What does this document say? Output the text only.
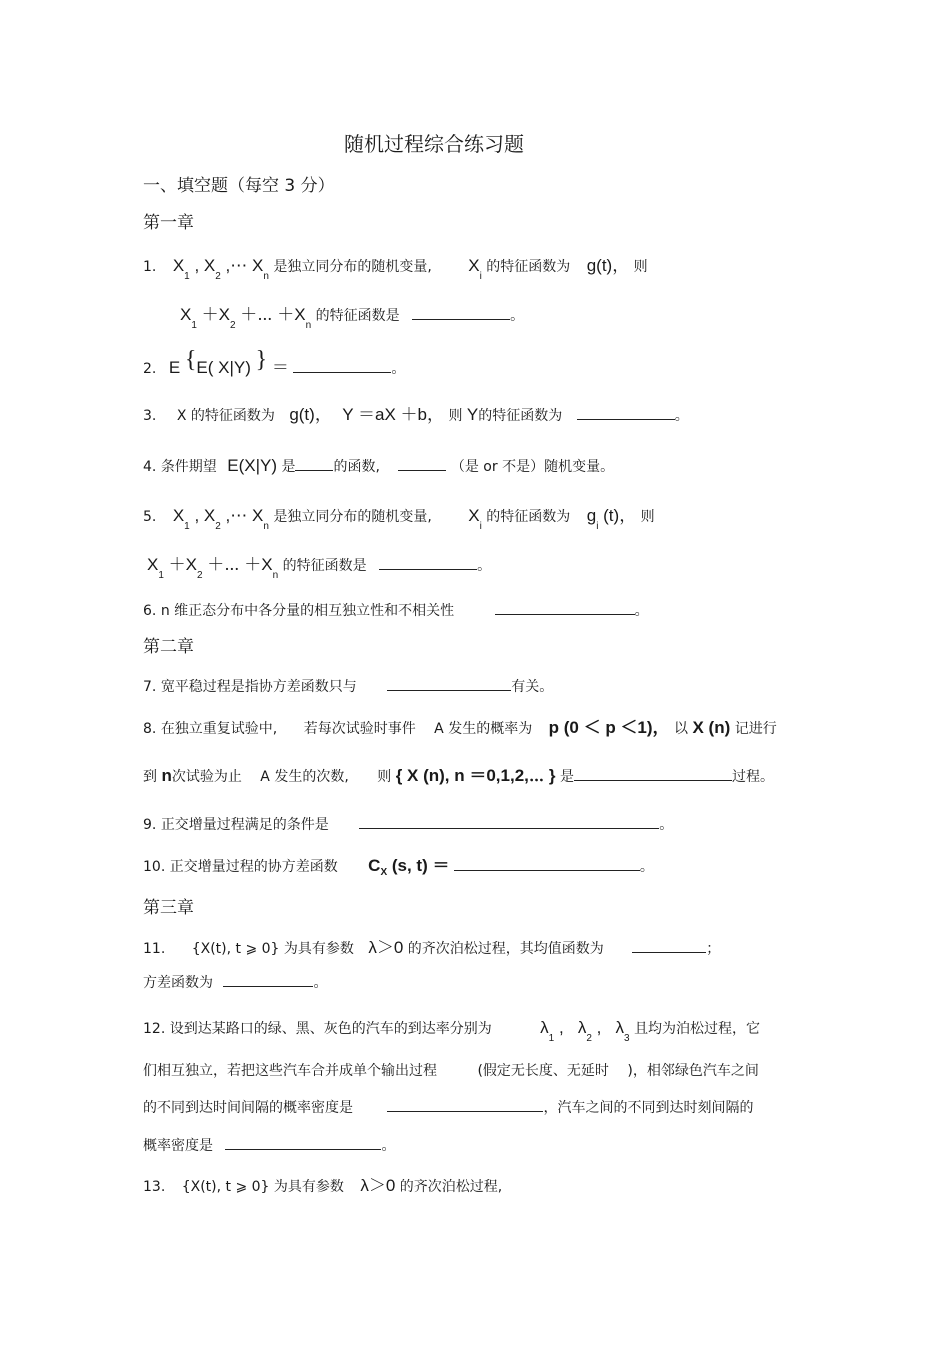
随机过程综合练习题
一、填空题（每空 3 分）
第一章
1. $X_1$ , $X_2$ ,⋯ $X_n$ 是独立同分布的随机变量, $X_i$ 的特征函数为 g(t)， 则
$X_1 +X_2$ ＋⋯ $+X_n$ 的特征函数是	。
2. E {E( X|Y) } ＝	。
3. X 的特征函数为 g(t)， Y ＝aX ＋b， 则 Y的特征函数为	。
4. 条件期望 E(X|Y) 是	的函数,	（是 or 不是）随机变量。
5. $X_1$ , $X_2$ ,⋯ $X_n$ 是独立同分布的随机变量, $X_i$ 的特征函数为 $g_i$ (t)， 则
$X_1 +X_2$ ＋⋯ $+X_n$ 的特征函数是	。
6. n 维正态分布中各分量的相互独立性和不相关性	。
第二章
7. 宽平稳过程是指协方差函数只与	有关。
8. 在独立重复试验中, 若每次试验时事件 A 发生的概率为 p (0 ＜ p ＜1)， 以 X (n) 记进行
到 n次试验为止 A 发生的次数, 则 { X (n), n ＝0,1,2,⋯ } 是	过程。
9. 正交增量过程满足的条件是	。
10. 正交增量过程的协方差函数 $C_X$ (s, t) ＝	。
第三章
11. {X(t), t ⩾ 0} 为具有参数 λ＞0 的齐次泊松过程，其均值函数为	；
方差函数为	。
12. 设到达某路口的绿、黑、灰色的汽车的到达率分别为	$\lambda_1$ ,   $\lambda_2$ ,   $\lambda_3$ 且均为泊松过程，它
们相互独立，若把这些汽车合并成单个输出过程	(假定无长度、无延时 )，相邻绿色汽车之间
的不同到达时间间隔的概率密度是	，汽车之间的不同到达时刻间隔的
概率密度是	。
13. {X(t), t ⩾ 0} 为具有参数 λ＞0 的齐次泊松过程,
